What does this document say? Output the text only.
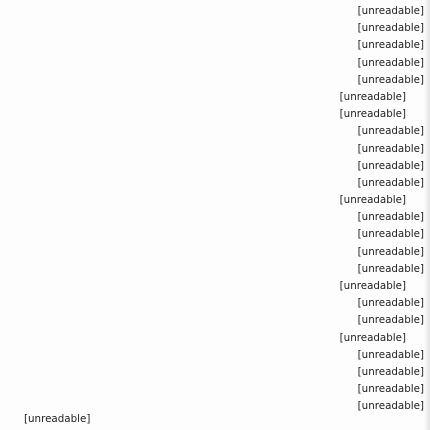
[unreadable]
[unreadable]
[unreadable]
[unreadable]
[unreadable]
[unreadable]
[unreadable]
[unreadable]
[unreadable]
[unreadable]
[unreadable]
[unreadable]
[unreadable]
[unreadable]
[unreadable]
[unreadable]
[unreadable]
[unreadable]
[unreadable]
[unreadable]
[unreadable]
[unreadable]
[unreadable]
[unreadable]
[unreadable]
